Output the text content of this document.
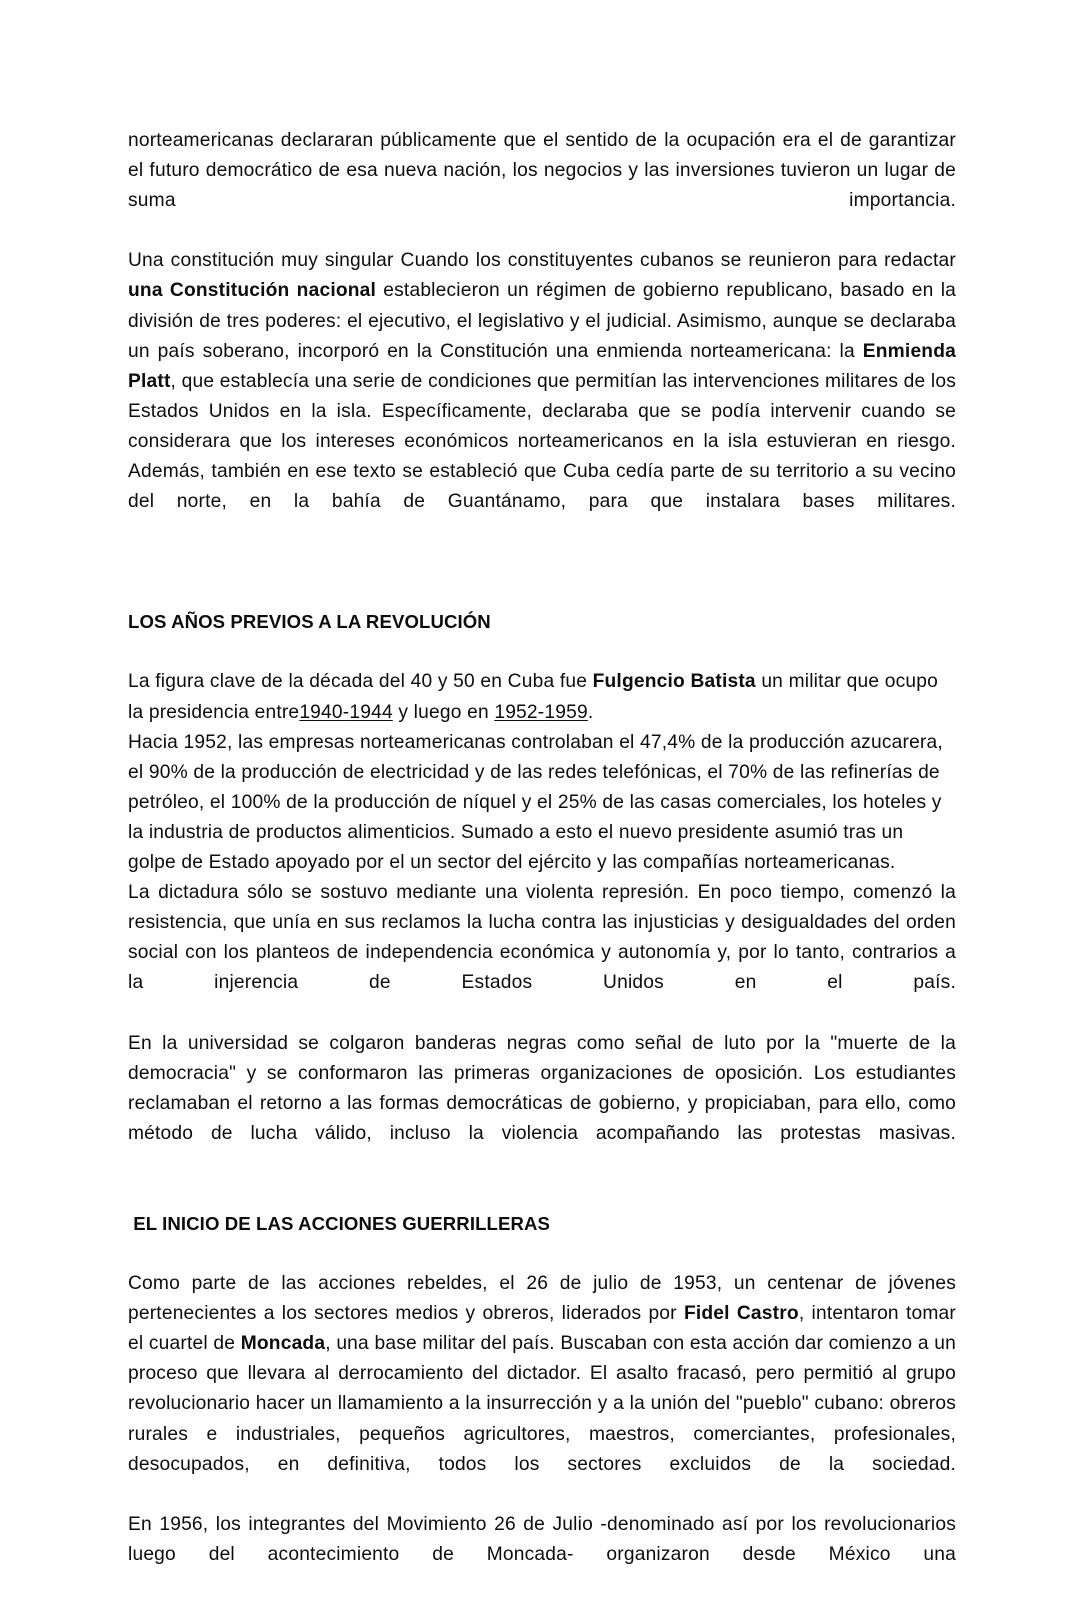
norteamericanas declararan públicamente que el sentido de la ocupación era el de garantizar el futuro democrático de esa nueva nación, los negocios y las inversiones tuvieron un lugar de suma importancia.

Una constitución muy singular Cuando los constituyentes cubanos se reunieron para redactar una Constitución nacional establecieron un régimen de gobierno republicano, basado en la división de tres poderes: el ejecutivo, el legislativo y el judicial. Asimismo, aunque se declaraba un país soberano, incorporó en la Constitución una enmienda norteamericana: la Enmienda Platt, que establecía una serie de condiciones que permitían las intervenciones militares de los Estados Unidos en la isla. Específicamente, declaraba que se podía intervenir cuando se considerara que los intereses económicos norteamericanos en la isla estuvieran en riesgo. Además, también en ese texto se estableció que Cuba cedía parte de su territorio a su vecino del norte, en la bahía de Guantánamo, para que instalara bases militares.

LOS AÑOS PREVIOS A LA REVOLUCIÓN

La figura clave de la década del 40 y 50 en Cuba fue Fulgencio Batista un militar que ocupo la presidencia entre1940-1944 y luego en 1952-1959.

Hacia 1952, las empresas norteamericanas controlaban el 47,4% de la producción azucarera, el 90% de la producción de electricidad y de las redes telefónicas, el 70% de las refinerías de petróleo, el 100% de la producción de níquel y el 25% de las casas comerciales, los hoteles y la industria de productos alimenticios. Sumado a esto el nuevo presidente asumió tras un golpe de Estado apoyado por el un sector del ejército y las compañías norteamericanas.

La dictadura sólo se sostuvo mediante una violenta represión. En poco tiempo, comenzó la resistencia, que unía en sus reclamos la lucha contra las injusticias y desigualdades del orden social con los planteos de independencia económica y autonomía y, por lo tanto, contrarios a la injerencia de Estados Unidos en el país.

En la universidad se colgaron banderas negras como señal de luto por la "muerte de la democracia" y se conformaron las primeras organizaciones de oposición. Los estudiantes reclamaban el retorno a las formas democráticas de gobierno, y propiciaban, para ello, como método de lucha válido, incluso la violencia acompañando las protestas masivas.

EL INICIO DE LAS ACCIONES GUERRILLERAS

Como parte de las acciones rebeldes, el 26 de julio de 1953, un centenar de jóvenes pertenecientes a los sectores medios y obreros, liderados por Fidel Castro, intentaron tomar el cuartel de Moncada, una base militar del país. Buscaban con esta acción dar comienzo a un proceso que llevara al derrocamiento del dictador. El asalto fracasó, pero permitió al grupo revolucionario hacer un llamamiento a la insurrección y a la unión del "pueblo" cubano: obreros rurales e industriales, pequeños agricultores, maestros, comerciantes, profesionales, desocupados, en definitiva, todos los sectores excluidos de la sociedad.

En 1956, los integrantes del Movimiento 26 de Julio -denominado así por los revolucionarios luego del acontecimiento de Moncada- organizaron desde México una
